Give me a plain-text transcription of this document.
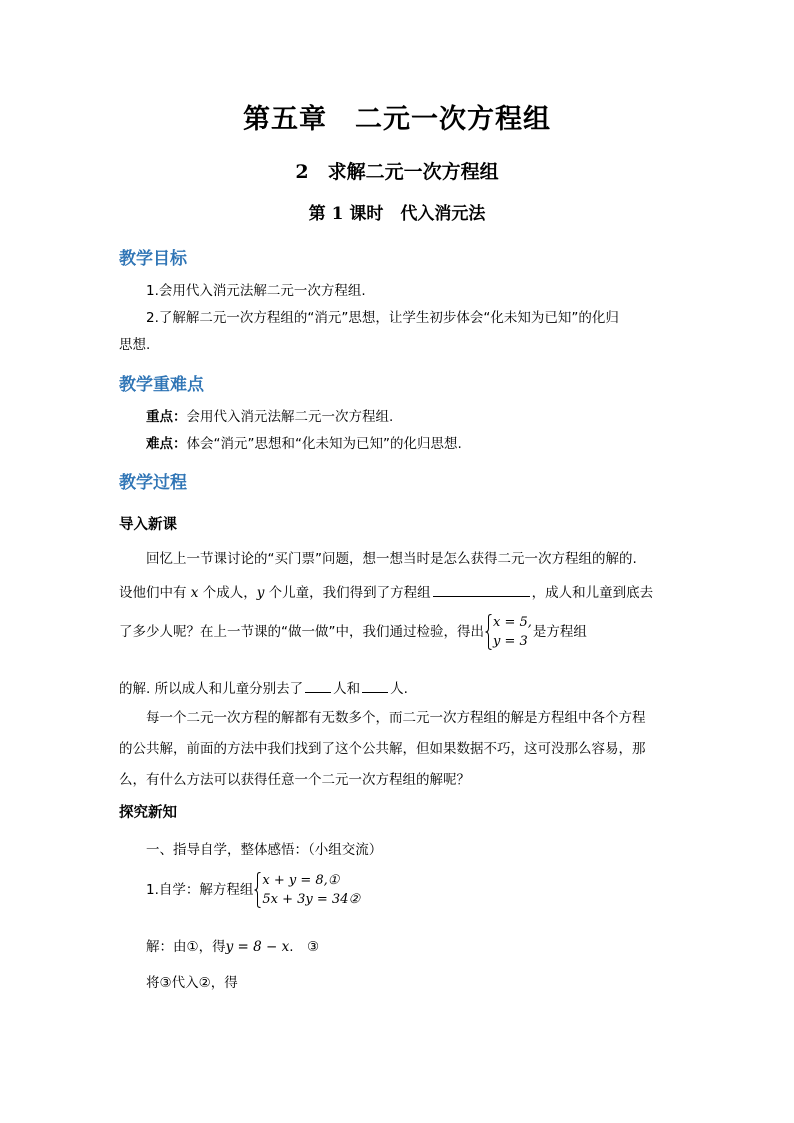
第五章　二元一次方程组
2　求解二元一次方程组
第 1 课时　代入消元法
教学目标
1.会用代入消元法解二元一次方程组.
2.了解解二元一次方程组的“消元”思想，让学生初步体会“化未知为已知”的化归
思想.
教学重难点
重点：会用代入消元法解二元一次方程组.
难点：体会“消元”思想和“化未知为已知”的化归思想.
教学过程
导入新课
回忆上一节课讨论的“买门票”问题，想一想当时是怎么获得二元一次方程组的解的.
设他们中有 x 个成人，y 个儿童，我们得到了方程组	，成人和儿童到底去
了多少人呢？在上一节课的“做一做”中，我们通过检验，得出
x = 5,
y = 3
是方程组
的解. 所以成人和儿童分别去了 人和 人.
每一个二元一次方程的解都有无数多个，而二元一次方程组的解是方程组中各个方程
的公共解，前面的方法中我们找到了这个公共解，但如果数据不巧，这可没那么容易，那
么，有什么方法可以获得任意一个二元一次方程组的解呢？
探究新知
一、指导自学，整体感悟：（小组交流）
1.自学：解方程组
x + y = 8,①
5x + 3y = 34②
解：由①，得y = 8 − x.　③
将③代入②，得
